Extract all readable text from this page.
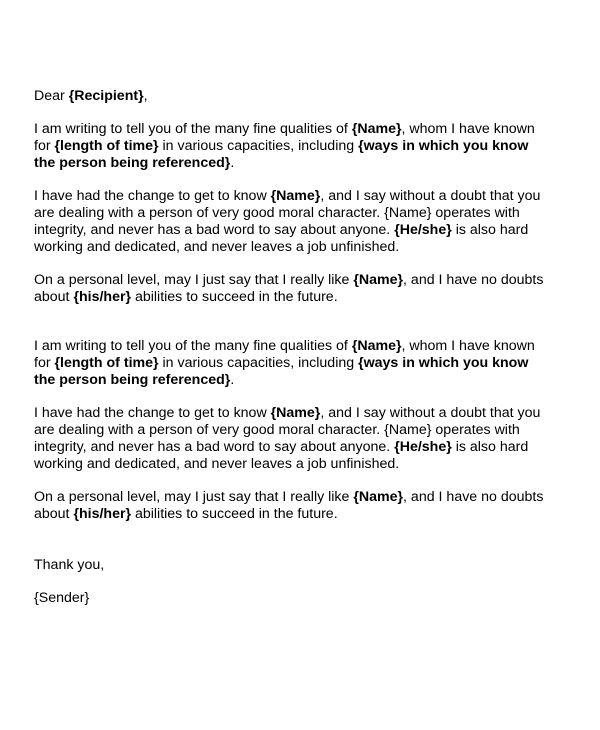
Dear {Recipient},

I am writing to tell you of the many fine qualities of {Name}, whom I have known
for {length of time} in various capacities, including {ways in which you know
the person being referenced}.

I have had the change to get to know {Name}, and I say without a doubt that you
are dealing with a person of very good moral character. {Name} operates with
integrity, and never has a bad word to say about anyone. {He/she} is also hard
working and dedicated, and never leaves a job unfinished.

On a personal level, may I just say that I really like {Name}, and I have no doubts
about {his/her} abilities to succeed in the future.

I am writing to tell you of the many fine qualities of {Name}, whom I have known
for {length of time} in various capacities, including {ways in which you know
the person being referenced}.

I have had the change to get to know {Name}, and I say without a doubt that you
are dealing with a person of very good moral character. {Name} operates with
integrity, and never has a bad word to say about anyone. {He/she} is also hard
working and dedicated, and never leaves a job unfinished.

On a personal level, may I just say that I really like {Name}, and I have no doubts
about {his/her} abilities to succeed in the future.

Thank you,

{Sender}
